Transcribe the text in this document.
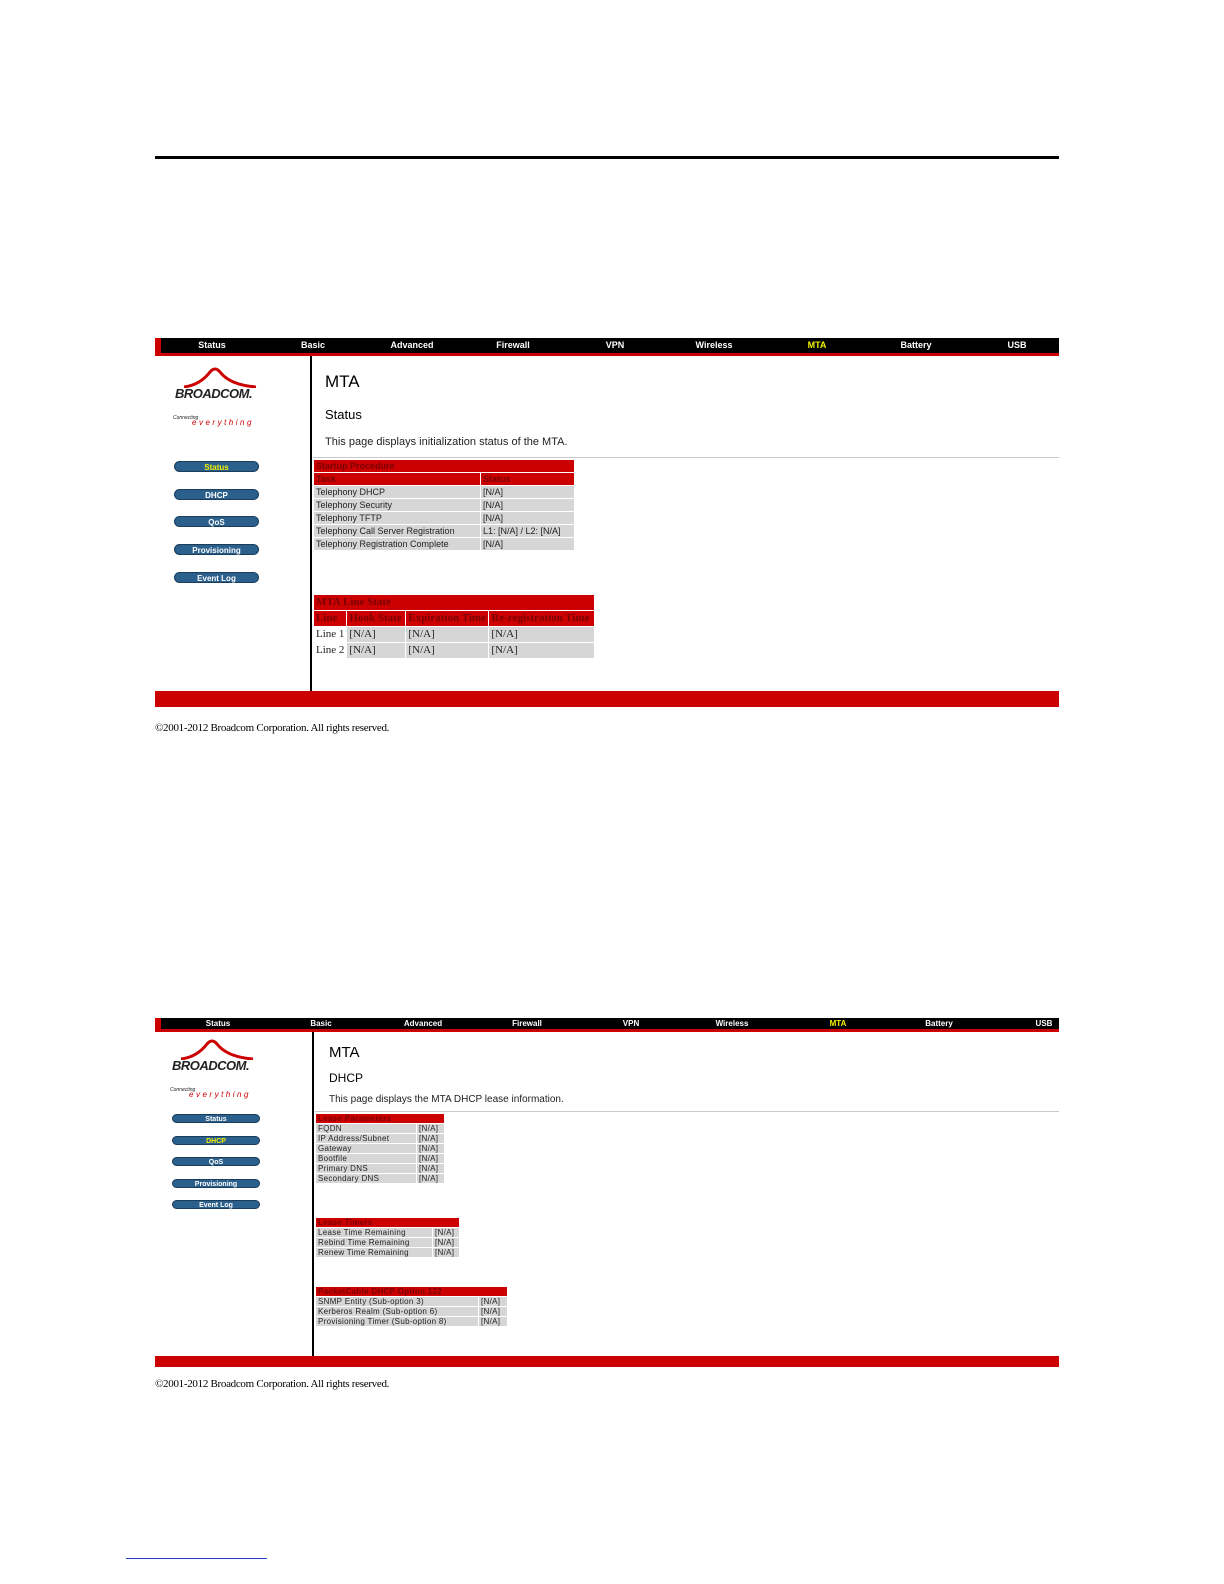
Status	Basic	Advanced	Firewall	VPN	Wireless	MTA	Battery	USB
BROADCOM.
Connecting
everything
Status
DHCP
QoS
Provisioning
Event Log
MTA
Status
This page displays initialization status of the MTA.
Startup Procedure	
Task	Status
Telephony DHCP	[N/A]
Telephony Security	[N/A]
Telephony TFTP	[N/A]
Telephony Call Server Registration	L1: [N/A] / L2: [N/A]
Telephony Registration Complete	[N/A]
MTA Line State			
Line	Hook State	Expiration Time	Re-registration Time
Line 1	[N/A]	[N/A]	[N/A]
Line 2	[N/A]	[N/A]	[N/A]
©2001-2012 Broadcom Corporation. All rights reserved.
Status	Basic	Advanced	Firewall	VPN	Wireless	MTA	Battery	USB
BROADCOM.
Connecting
everything
Status
DHCP
QoS
Provisioning
Event Log
MTA
DHCP
This page displays the MTA DHCP lease information.
Lease Parameters	
FQDN	[N/A]
IP Address/Subnet	[N/A]
Gateway	[N/A]
Bootfile	[N/A]
Primary DNS	[N/A]
Secondary DNS	[N/A]
Lease Timers	
Lease Time Remaining	[N/A]
Rebind Time Remaining	[N/A]
Renew Time Remaining	[N/A]
PacketCable DHCP Option 122	
SNMP Entity (Sub-option 3)	[N/A]
Kerberos Realm (Sub-option 6)	[N/A]
Provisioning Timer (Sub-option 8)	[N/A]
©2001-2012 Broadcom Corporation. All rights reserved.
